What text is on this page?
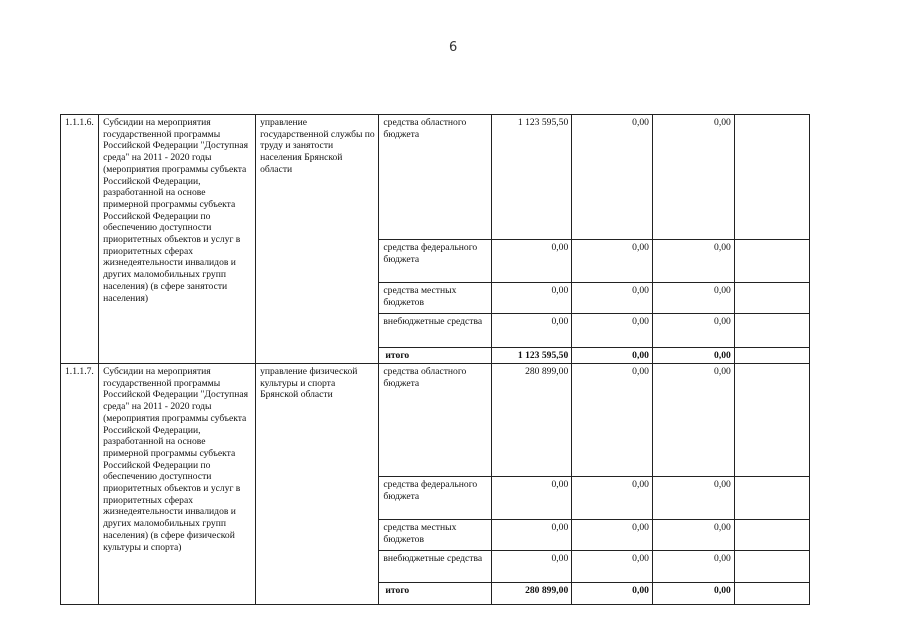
6
1.1.1.6.	Субсидии на мероприятия государственной программы Российской Федерации "Доступная среда" на 2011 - 2020 годы (мероприятия программы субъекта Российской Федерации, разработанной на основе примерной программы субъекта Российской Федерации по обеспечению доступности приоритетных объектов и услуг в приоритетных сферах жизнедеятельности инвалидов и других маломобильных групп населения) (в сфере занятости населения)	управление государственной службы по труду и занятости населения Брянской области	средства областного бюджета	1 123 595,50	0,00	0,00	
			средства федерального бюджета	0,00	0,00	0,00	
			средства местных бюджетов	0,00	0,00	0,00	
			внебюджетные средства	0,00	0,00	0,00	
			итого	1 123 595,50	0,00	0,00	
1.1.1.7.	Субсидии на мероприятия государственной программы Российской Федерации "Доступная среда" на 2011 - 2020 годы (мероприятия программы субъекта Российской Федерации, разработанной на основе примерной программы субъекта Российской Федерации по обеспечению доступности приоритетных объектов и услуг в приоритетных сферах жизнедеятельности инвалидов и других маломобильных групп населения) (в сфере физической культуры и спорта)	управление физической культуры и спорта Брянской области	средства областного бюджета	280 899,00	0,00	0,00	
			средства федерального бюджета	0,00	0,00	0,00	
			средства местных бюджетов	0,00	0,00	0,00	
			внебюджетные средства	0,00	0,00	0,00	
			итого	280 899,00	0,00	0,00	
